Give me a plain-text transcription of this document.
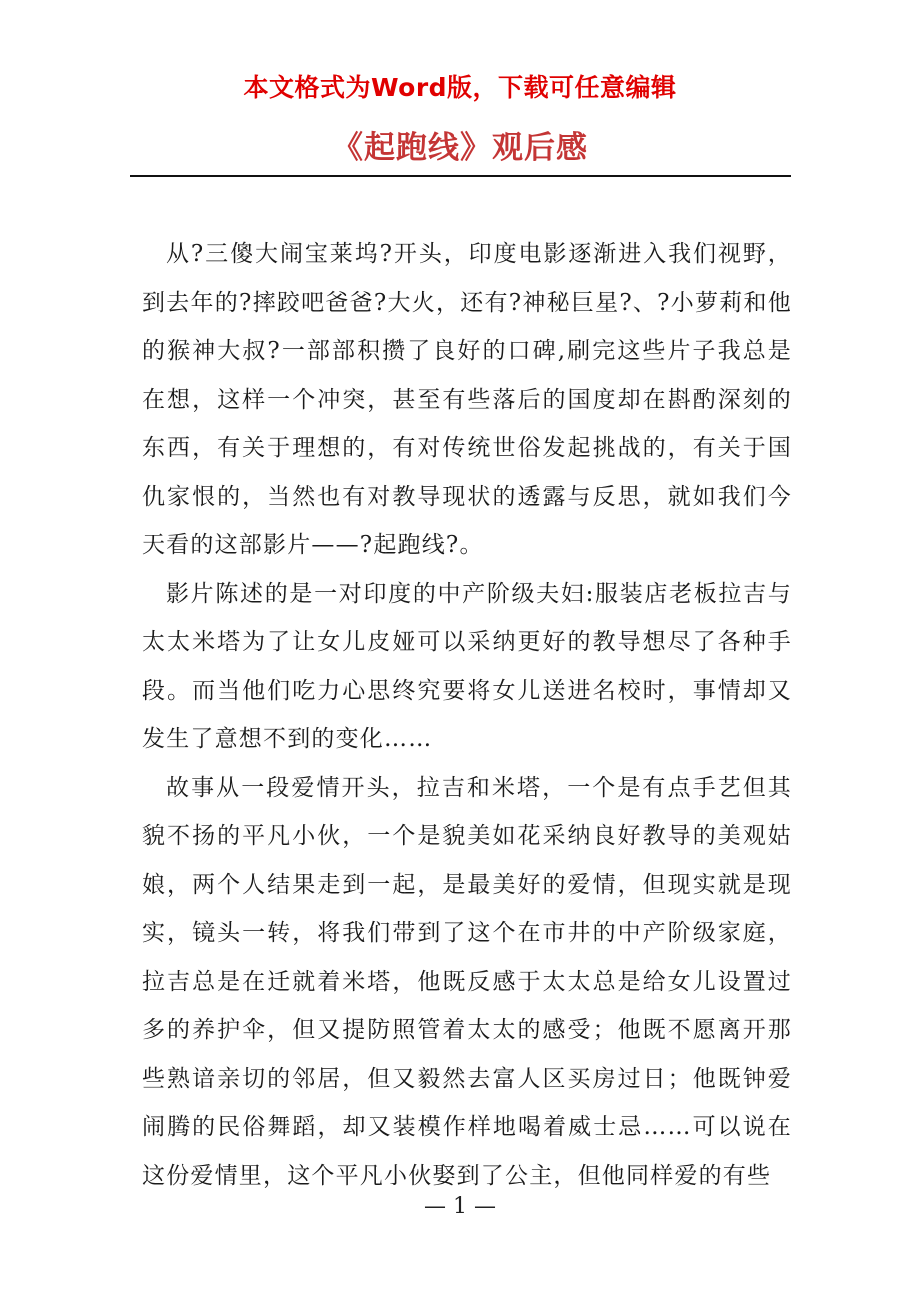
本文格式为Word版，下载可任意编辑
《起跑线》观后感

从?三傻大闹宝莱坞?开头，印度电影逐渐进入我们视野，到去年的?摔跤吧爸爸?大火，还有?神秘巨星?、?小萝莉和他的猴神大叔?一部部积攒了良好的口碑,刷完这些片子我总是在想，这样一个冲突，甚至有些落后的国度却在斟酌深刻的东西，有关于理想的，有对传统世俗发起挑战的，有关于国仇家恨的，当然也有对教导现状的透露与反思，就如我们今天看的这部影片——?起跑线?。

影片陈述的是一对印度的中产阶级夫妇:服装店老板拉吉与太太米塔为了让女儿皮娅可以采纳更好的教导想尽了各种手段。而当他们吃力心思终究要将女儿送进名校时，事情却又发生了意想不到的变化……

故事从一段爱情开头，拉吉和米塔，一个是有点手艺但其貌不扬的平凡小伙，一个是貌美如花采纳良好教导的美观姑娘，两个人结果走到一起，是最美好的爱情，但现实就是现实，镜头一转，将我们带到了这个在市井的中产阶级家庭，拉吉总是在迁就着米塔，他既反感于太太总是给女儿设置过多的养护伞，但又提防照管着太太的感受；他既不愿离开那些熟谙亲切的邻居，但又毅然去富人区买房过日；他既钟爱闹腾的民俗舞蹈，却又装模作样地喝着威士忌……可以说在这份爱情里，这个平凡小伙娶到了公主，但他同样爱的有些

— 1 —
